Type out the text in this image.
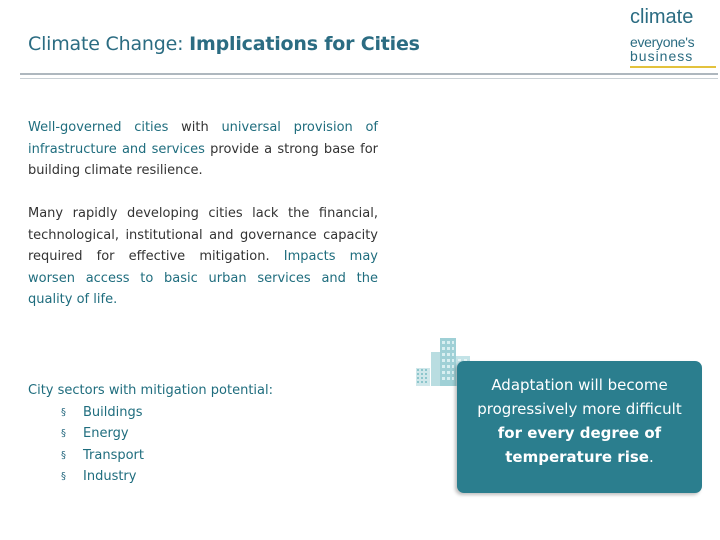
Climate Change: Implications for Cities
climate
everyone's
business
Well-governed cities with universal provision of infrastructure and services provide a strong base for building climate resilience.
Many rapidly developing cities lack the financial, technological, institutional and governance capacity required for effective mitigation. Impacts may worsen access to basic urban services and the quality of life.
City sectors with mitigation potential:
§ Buildings
§ Energy
§ Transport
§ Industry
Adaptation will become progressively more difficult for every degree of temperature rise.
